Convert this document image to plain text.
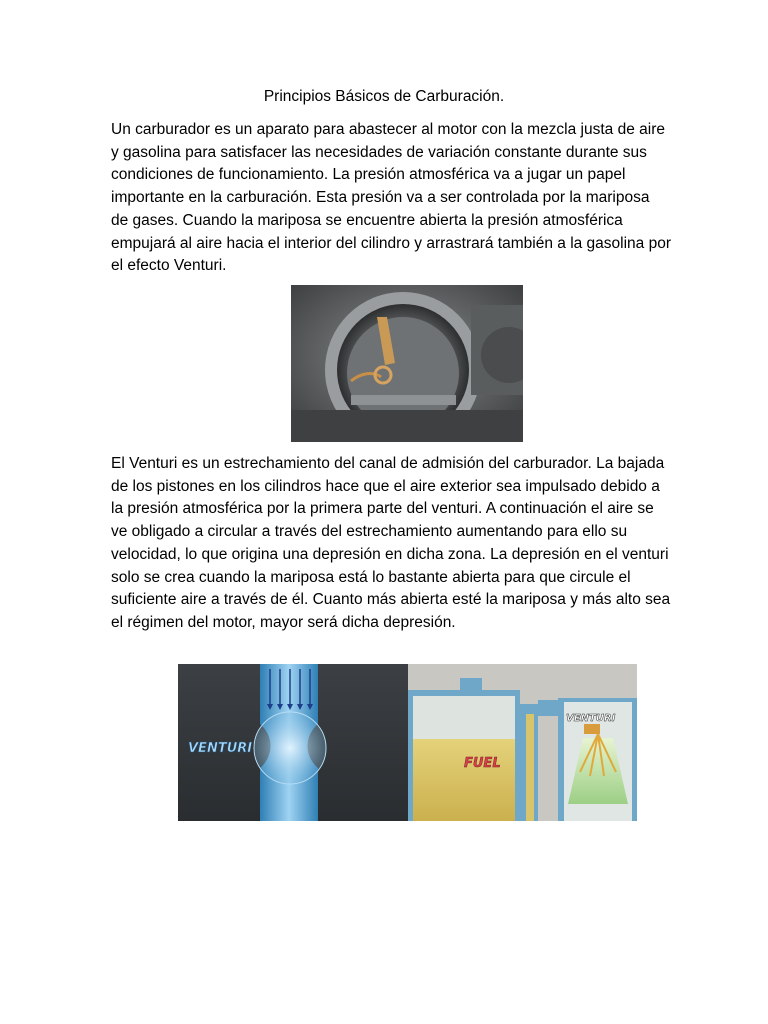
Principios Básicos de Carburación.

Un carburador es un aparato para abastecer al motor con la mezcla justa de aire y gasolina para satisfacer las necesidades de variación constante durante sus condiciones de funcionamiento. La presión atmosférica va a jugar un papel importante en la carburación. Esta presión va a ser controlada por la mariposa de gases. Cuando la mariposa se encuentre abierta la presión atmosférica empujará al aire hacia el interior del cilindro y arrastrará también a la gasolina por el efecto Venturi.

El Venturi es un estrechamiento del canal de admisión del carburador. La bajada de los pistones en los cilindros hace que el aire exterior sea impulsado debido a la presión atmosférica por la primera parte del venturi. A continuación el aire se ve obligado a circular a través del estrechamiento aumentando para ello su velocidad, lo que origina una depresión en dicha zona. La depresión en el venturi solo se crea cuando la mariposa está lo bastante abierta para que circule el suficiente aire a través de él. Cuanto más abierta esté la mariposa y más alto sea el régimen del motor, mayor será dicha depresión.

VENTURI
FUEL
VENTURI
